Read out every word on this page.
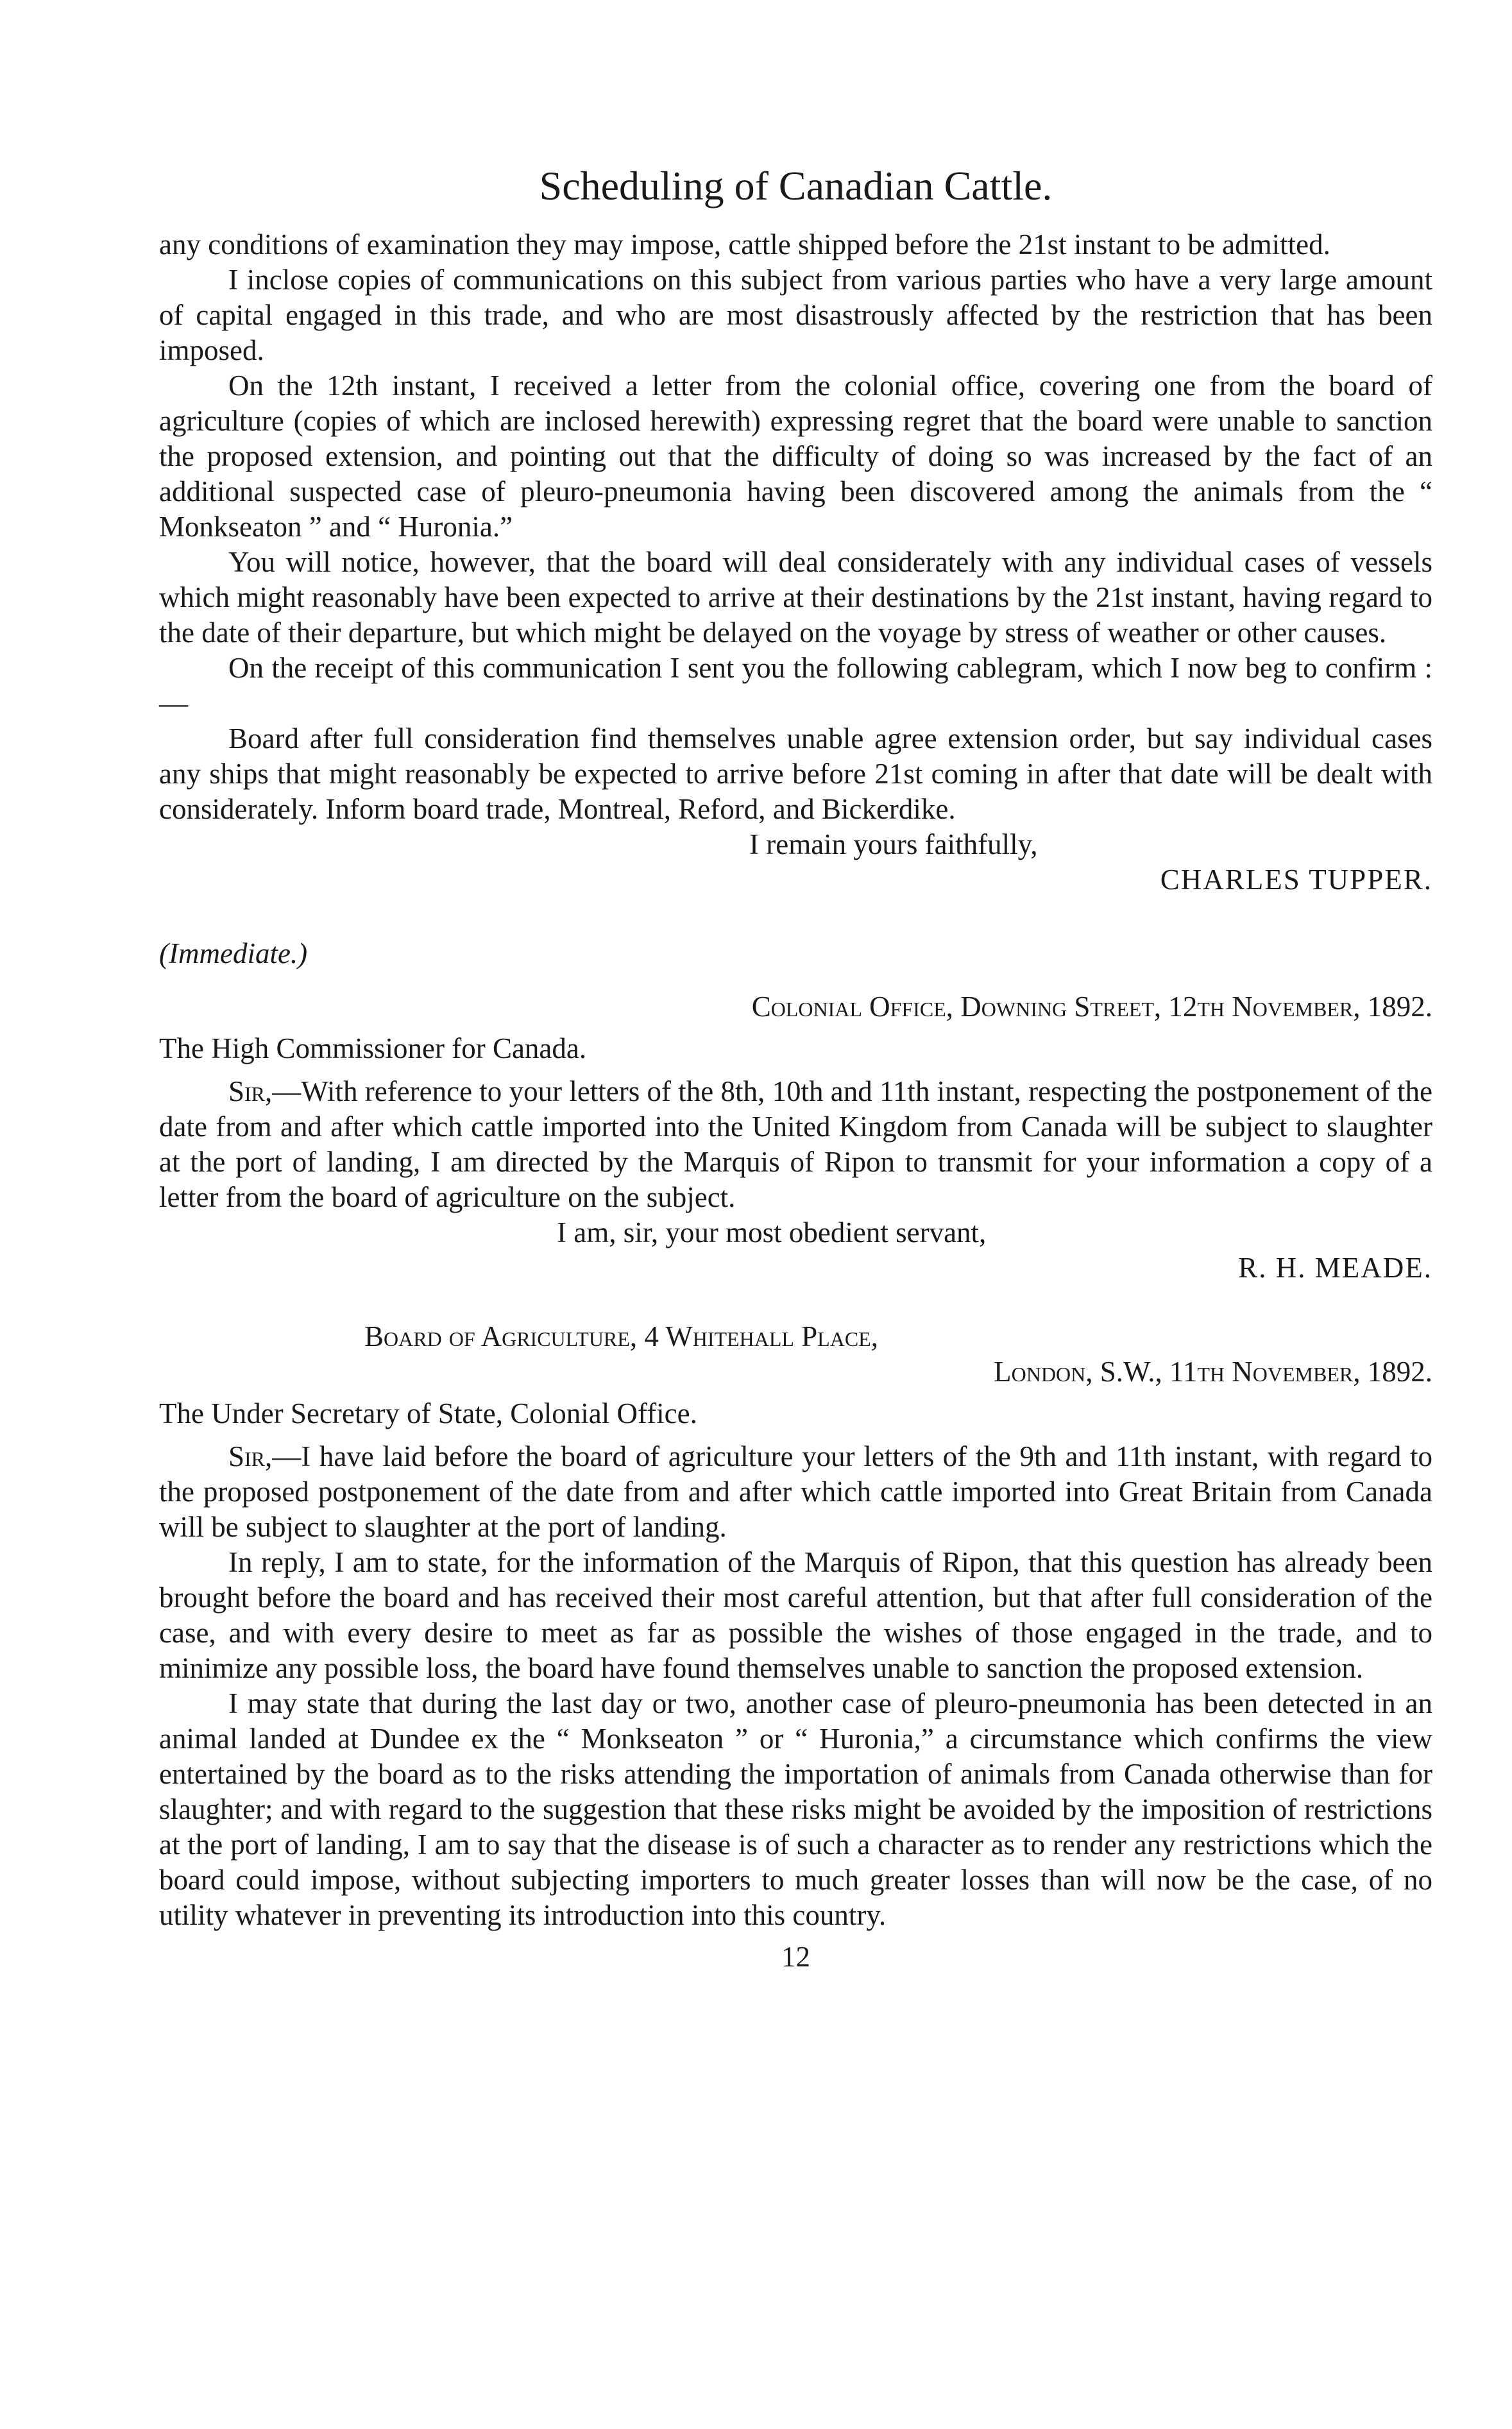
Scheduling of Canadian Cattle.

any conditions of examination they may impose, cattle shipped before the 21st instant to be admitted.

I inclose copies of communications on this subject from various parties who have a very large amount of capital engaged in this trade, and who are most disastrously affected by the restriction that has been imposed.

On the 12th instant, I received a letter from the colonial office, covering one from the board of agriculture (copies of which are inclosed herewith) expressing regret that the board were unable to sanction the proposed extension, and pointing out that the difficulty of doing so was increased by the fact of an additional suspected case of pleuro-pneumonia having been discovered among the animals from the “ Monkseaton ” and “ Huronia.”

You will notice, however, that the board will deal considerately with any individual cases of vessels which might reasonably have been expected to arrive at their destinations by the 21st instant, having regard to the date of their departure, but which might be delayed on the voyage by stress of weather or other causes.

On the receipt of this communication I sent you the following cablegram, which I now beg to confirm :—

Board after full consideration find themselves unable agree extension order, but say individual cases any ships that might reasonably be expected to arrive before 21st coming in after that date will be dealt with considerately. Inform board trade, Montreal, Reford, and Bickerdike.

I remain yours faithfully,

CHARLES TUPPER.

(Immediate.)

Colonial Office, Downing Street, 12th November, 1892.

The High Commissioner for Canada.

Sir,—With reference to your letters of the 8th, 10th and 11th instant, respecting the postponement of the date from and after which cattle imported into the United Kingdom from Canada will be subject to slaughter at the port of landing, I am directed by the Marquis of Ripon to transmit for your information a copy of a letter from the board of agriculture on the subject.

I am, sir, your most obedient servant,

R. H. MEADE.

Board of Agriculture, 4 Whitehall Place,

London, S.W., 11th November, 1892.

The Under Secretary of State, Colonial Office.

Sir,—I have laid before the board of agriculture your letters of the 9th and 11th instant, with regard to the proposed postponement of the date from and after which cattle imported into Great Britain from Canada will be subject to slaughter at the port of landing.

In reply, I am to state, for the information of the Marquis of Ripon, that this question has already been brought before the board and has received their most careful attention, but that after full consideration of the case, and with every desire to meet as far as possible the wishes of those engaged in the trade, and to minimize any possible loss, the board have found themselves unable to sanction the proposed extension.

I may state that during the last day or two, another case of pleuro-pneumonia has been detected in an animal landed at Dundee ex the “ Monkseaton ” or “ Huronia,” a circumstance which confirms the view entertained by the board as to the risks attending the importation of animals from Canada otherwise than for slaughter; and with regard to the suggestion that these risks might be avoided by the imposition of restrictions at the port of landing, I am to say that the disease is of such a character as to render any restrictions which the board could impose, without subjecting importers to much greater losses than will now be the case, of no utility whatever in preventing its introduction into this country.

12
